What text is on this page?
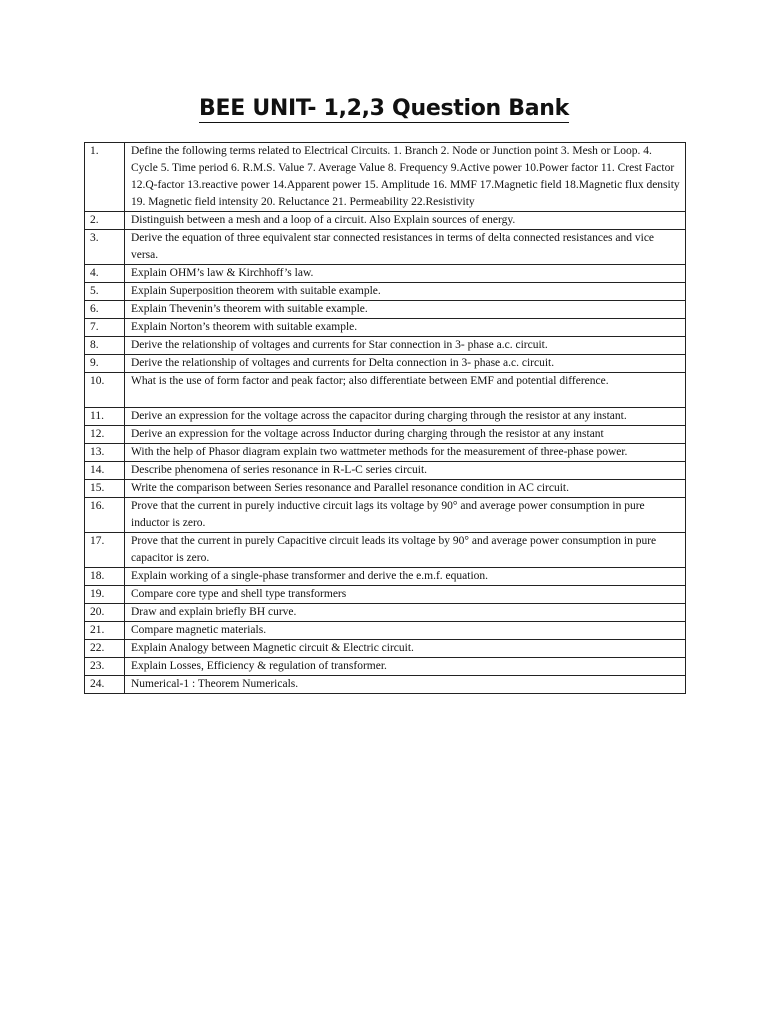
BEE UNIT- 1,2,3 Question Bank
1.	Define the following terms related to Electrical Circuits. 1. Branch 2. Node or Junction point 3. Mesh or Loop. 4. Cycle 5. Time period 6. R.M.S. Value 7. Average Value 8. Frequency 9.Active power 10.Power factor 11. Crest Factor 12.Q-factor 13.reactive power 14.Apparent power 15. Amplitude 16. MMF 17.Magnetic field 18.Magnetic flux density 19. Magnetic field intensity 20. Reluctance 21. Permeability 22.Resistivity
2.	Distinguish between a mesh and a loop of a circuit. Also Explain sources of energy.
3.	Derive the equation of three equivalent star connected resistances in terms of delta connected resistances and vice versa.
4.	Explain OHM’s law & Kirchhoff’s law.
5.	Explain Superposition theorem with suitable example.
6.	Explain Thevenin’s theorem with suitable example.
7.	Explain Norton’s theorem with suitable example.
8.	Derive the relationship of voltages and currents for Star connection in 3- phase a.c. circuit.
9.	Derive the relationship of voltages and currents for Delta connection in 3- phase a.c. circuit.
10.	What is the use of form factor and peak factor; also differentiate between EMF and potential difference.
11.	Derive an expression for the voltage across the capacitor during charging through the resistor at any instant.
12.	Derive an expression for the voltage across Inductor during charging through the resistor at any instant
13.	With the help of Phasor diagram explain two wattmeter methods for the measurement of three-phase power.
14.	Describe phenomena of series resonance in R-L-C series circuit.
15.	Write the comparison between Series resonance and Parallel resonance condition in AC circuit.
16.	Prove that the current in purely inductive circuit lags its voltage by 90° and average power consumption in pure inductor is zero.
17.	Prove that the current in purely Capacitive circuit leads its voltage by 90° and average power consumption in pure capacitor is zero.
18.	Explain working of a single-phase transformer and derive the e.m.f. equation.
19.	Compare core type and shell type transformers
20.	Draw and explain briefly BH curve.
21.	Compare magnetic materials.
22.	Explain Analogy between Magnetic circuit & Electric circuit.
23.	Explain Losses, Efficiency & regulation of transformer.
24.	Numerical-1 : Theorem Numericals.
